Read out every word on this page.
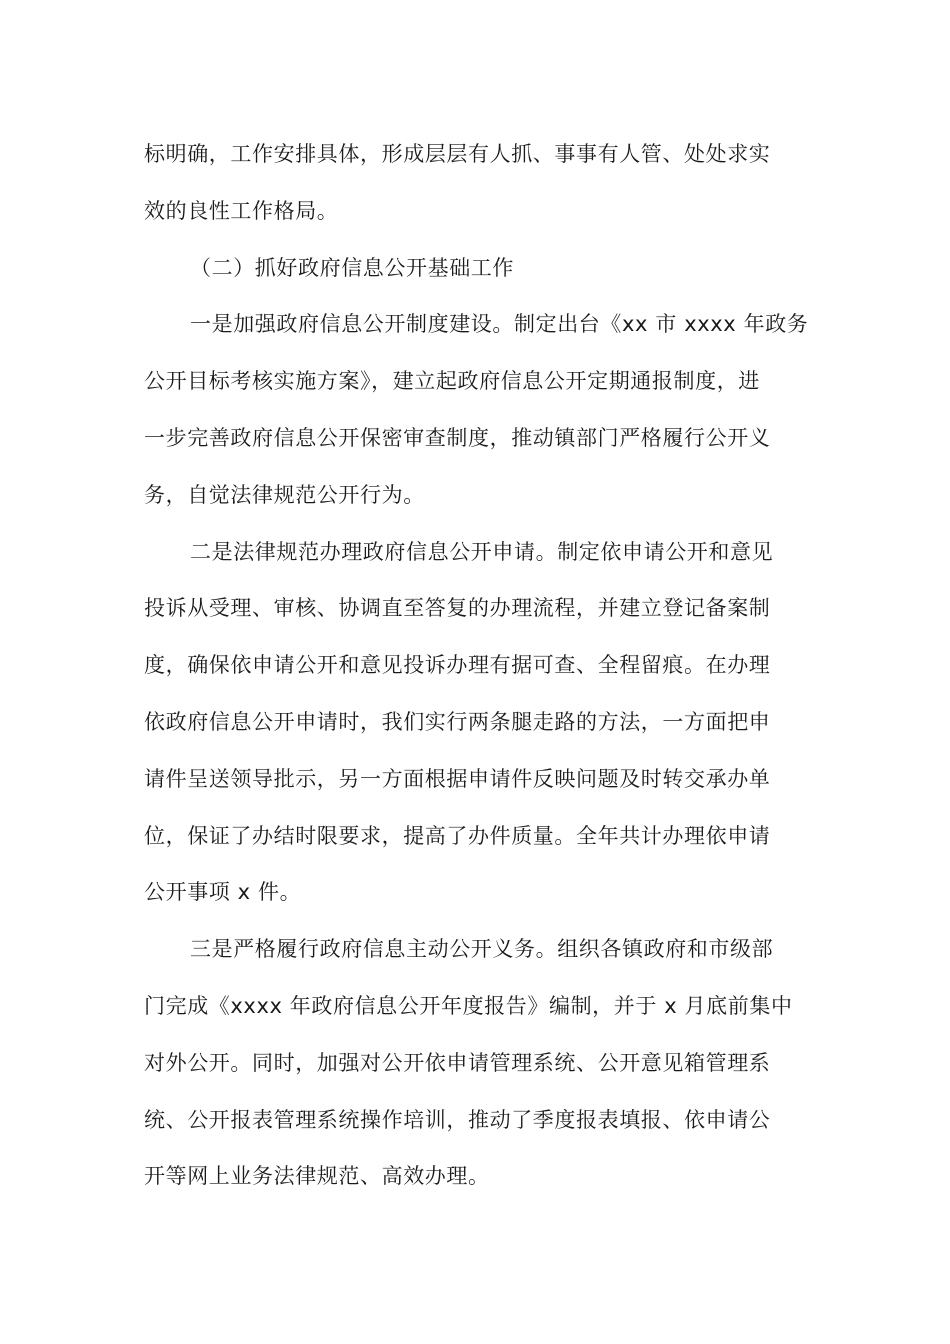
标明确，工作安排具体，形成层层有人抓、事事有人管、处处求实
效的良性工作格局。
（二）抓好政府信息公开基础工作
一是加强政府信息公开制度建设。制定出台《xx 市 xxxx 年政务
公开目标考核实施方案》，建立起政府信息公开定期通报制度，进
一步完善政府信息公开保密审查制度，推动镇部门严格履行公开义
务，自觉法律规范公开行为。
二是法律规范办理政府信息公开申请。制定依申请公开和意见
投诉从受理、审核、协调直至答复的办理流程，并建立登记备案制
度，确保依申请公开和意见投诉办理有据可查、全程留痕。在办理
依政府信息公开申请时，我们实行两条腿走路的方法，一方面把申
请件呈送领导批示，另一方面根据申请件反映问题及时转交承办单
位，保证了办结时限要求，提高了办件质量。全年共计办理依申请
公开事项 x 件。
三是严格履行政府信息主动公开义务。组织各镇政府和市级部
门完成《xxxx 年政府信息公开年度报告》编制，并于 x 月底前集中
对外公开。同时，加强对公开依申请管理系统、公开意见箱管理系
统、公开报表管理系统操作培训，推动了季度报表填报、依申请公
开等网上业务法律规范、高效办理。
